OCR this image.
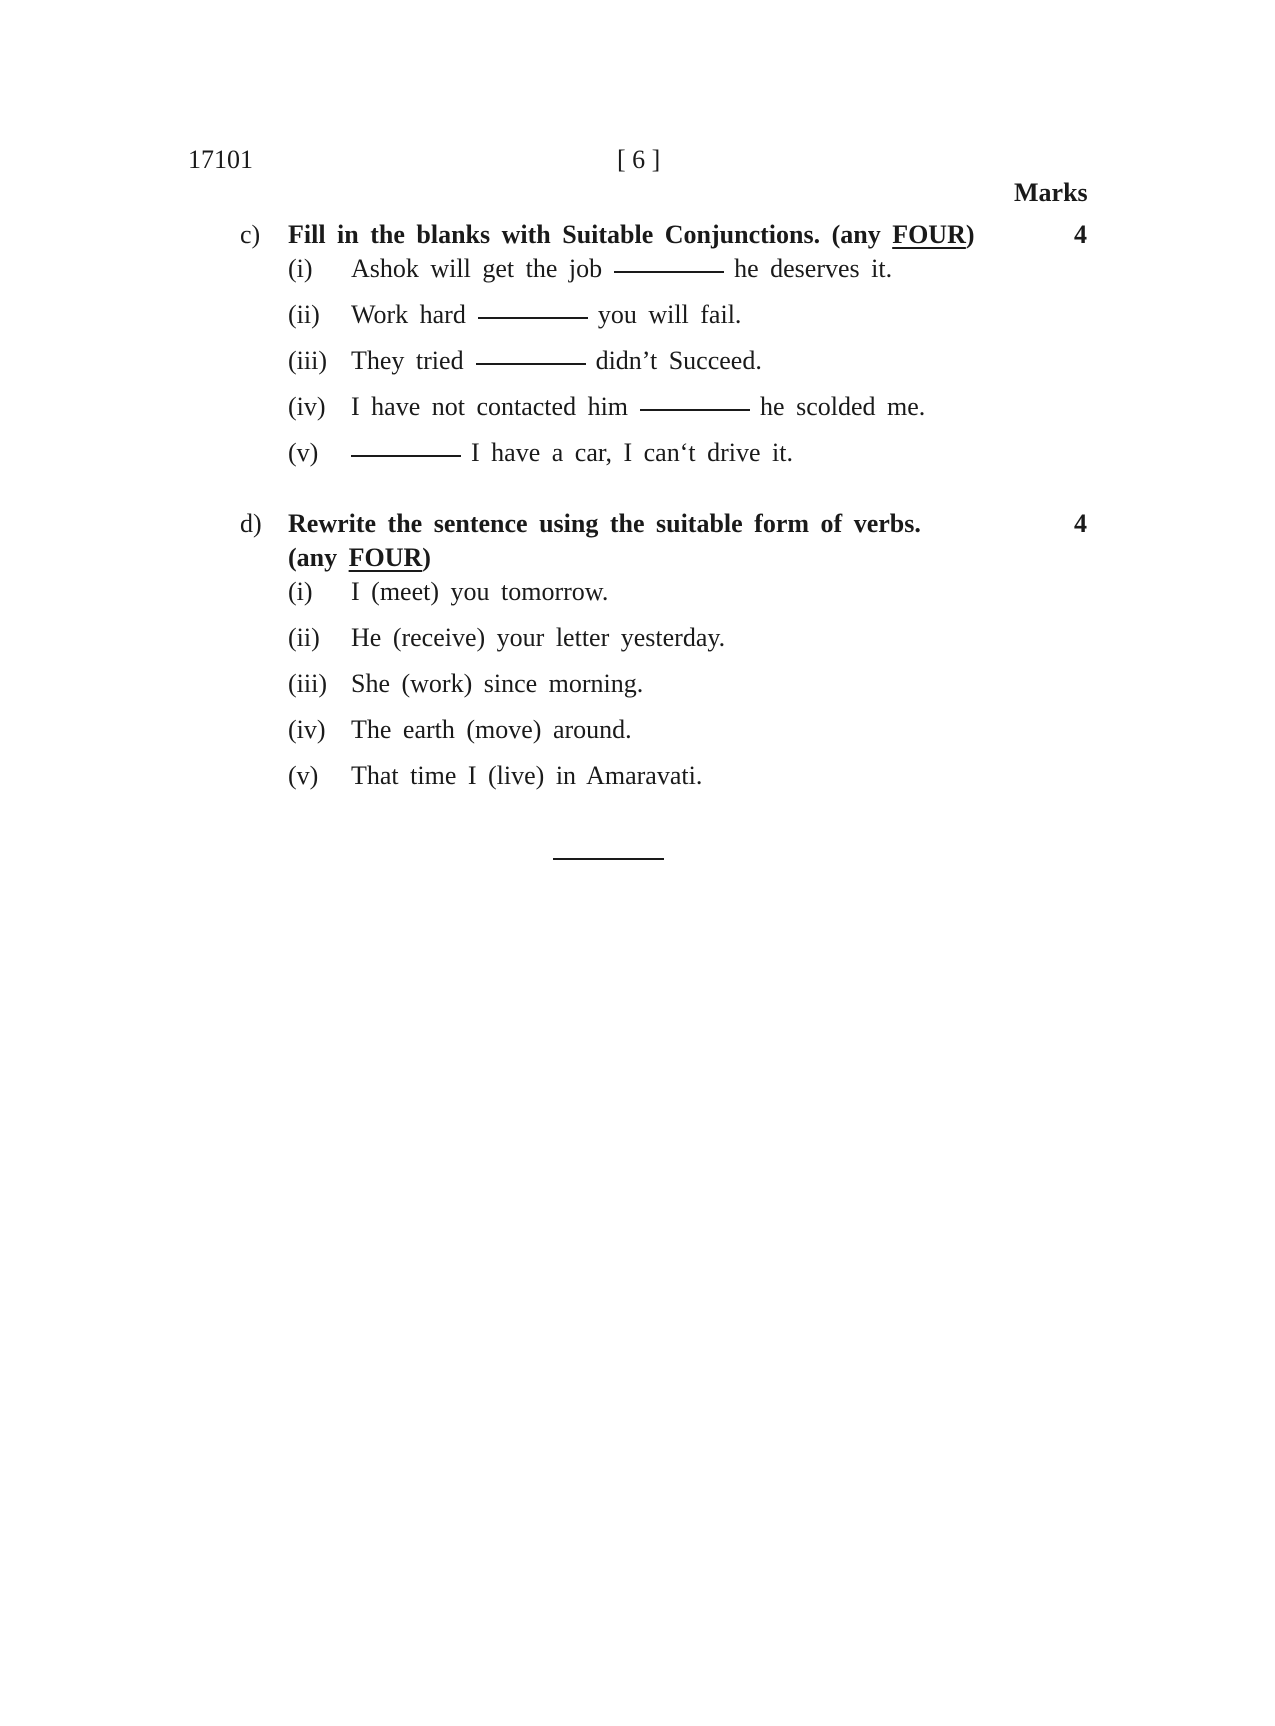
17101	[ 6 ]
Marks
c) Fill in the blanks with Suitable Conjunctions. (any FOUR)	4
(i) Ashok will get the job	he deserves it.
(ii) Work hard	you will fail.
(iii) They tried	didn’t Succeed.
(iv) I have not contacted him	he scolded me.
(v)	I have a car, I can‘t drive it.
d) Rewrite the sentence using the suitable form of verbs.	4
(any FOUR)
(i) I (meet) you tomorrow.
(ii) He (receive) your letter yesterday.
(iii) She (work) since morning.
(iv) The earth (move) around.
(v) That time I (live) in Amaravati.
